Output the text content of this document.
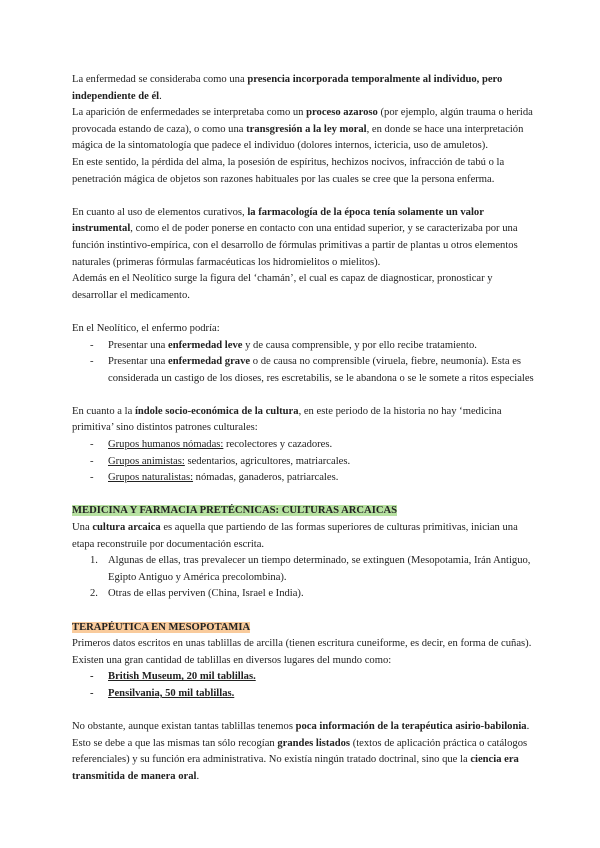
La enfermedad se consideraba como una presencia incorporada temporalmente al individuo, pero independiente de él.

La aparición de enfermedades se interpretaba como un proceso azaroso (por ejemplo, algún trauma o herida provocada estando de caza), o como una transgresión a la ley moral, en donde se hace una interpretación mágica de la sintomatología que padece el individuo (dolores internos, ictericia, uso de amuletos).

En este sentido, la pérdida del alma, la posesión de espíritus, hechizos nocivos, infracción de tabú o la penetración mágica de objetos son razones habituales por las cuales se cree que la persona enferma.

En cuanto al uso de elementos curativos, la farmacología de la época tenía solamente un valor instrumental, como el de poder ponerse en contacto con una entidad superior, y se caracterizaba por una función instintivo-empírica, con el desarrollo de fórmulas primitivas a partir de plantas u otros elementos naturales (primeras fórmulas farmacéuticas los hidromielitos o mielitos).

Además en el Neolítico surge la figura del ‘chamán’, el cual es capaz de diagnosticar, pronosticar y desarrollar el medicamento.

En el Neolítico, el enfermo podría:

- Presentar una enfermedad leve y de causa comprensible, y por ello recibe tratamiento.
- Presentar una enfermedad grave o de causa no comprensible (viruela, fiebre, neumonía). Esta es considerada un castigo de los dioses, res escretabilis, se le abandona o se le somete a ritos especiales

En cuanto a la índole socio-económica de la cultura, en este periodo de la historia no hay ‘medicina primitiva’ sino distintos patrones culturales:

- Grupos humanos nómadas: recolectores y cazadores.
- Grupos animistas: sedentarios, agricultores, matriarcales.
- Grupos naturalistas: nómadas, ganaderos, patriarcales.

MEDICINA Y FARMACIA PRETÉCNICAS: CULTURAS ARCAICAS

Una cultura arcaica es aquella que partiendo de las formas superiores de culturas primitivas, inician una etapa reconstruile por documentación escrita.

1. Algunas de ellas, tras prevalecer un tiempo determinado, se extinguen (Mesopotamia, Irán Antiguo, Egipto Antiguo y América precolombina).
2. Otras de ellas perviven (China, Israel e India).

TERAPÉUTICA EN MESOPOTAMIA

Primeros datos escritos en unas tablillas de arcilla (tienen escritura cuneiforme, es decir, en forma de cuñas). Existen una gran cantidad de tablillas en diversos lugares del mundo como:

- British Museum, 20 mil tablillas.
- Pensilvania, 50 mil tablillas.

No obstante, aunque existan tantas tablillas tenemos poca información de la terapéutica asirio-babilonia. Esto se debe a que las mismas tan sólo recogían grandes listados (textos de aplicación práctica o catálogos referenciales) y su función era administrativa. No existía ningún tratado doctrinal, sino que la ciencia era transmitida de manera oral.
